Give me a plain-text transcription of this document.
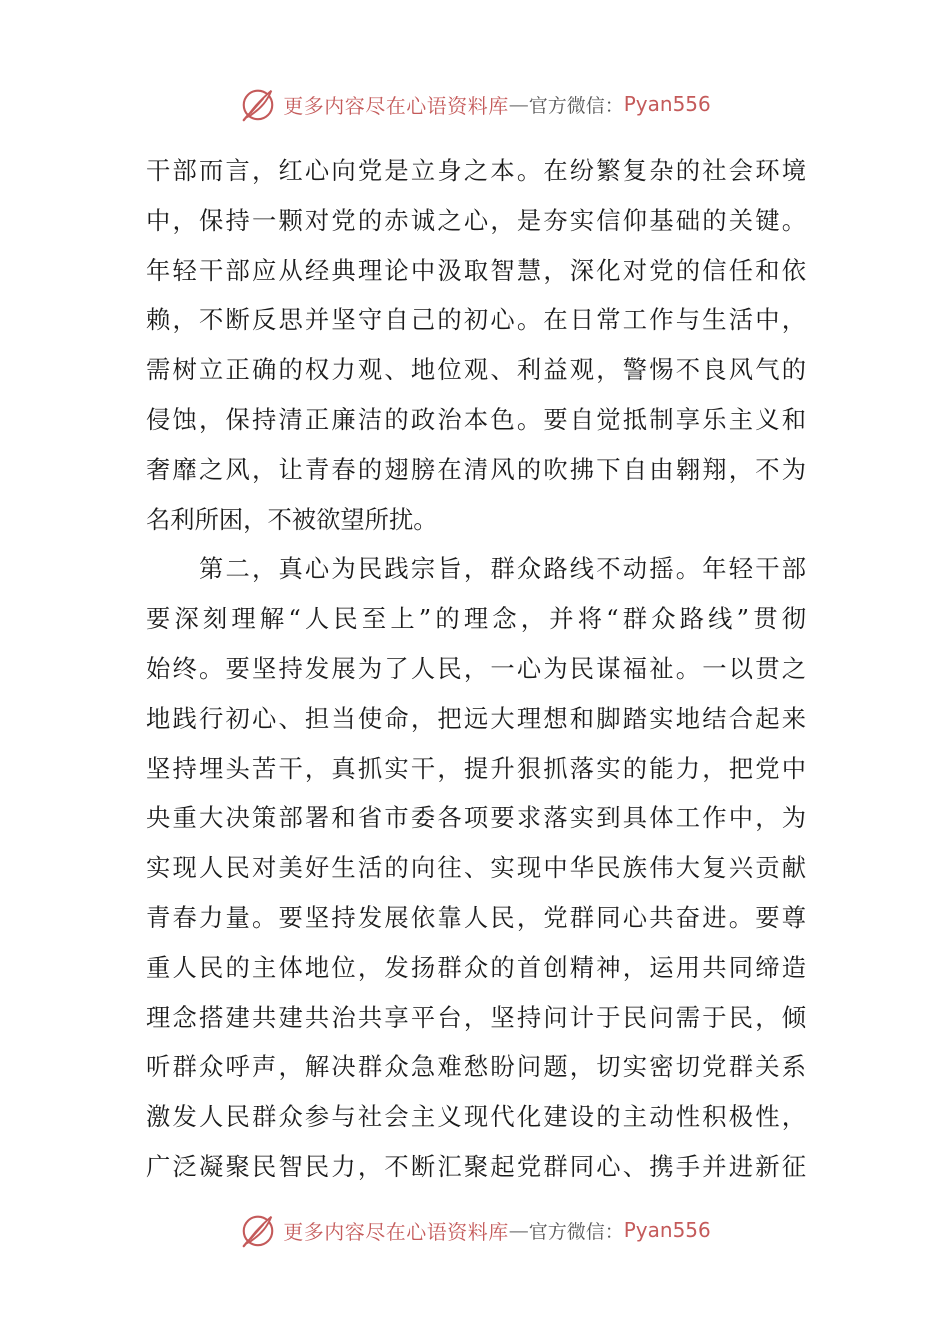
更多内容尽在心语资料库 — 官方微信： Pyan556
干部而言，红心向党是立身之本。在纷繁复杂的社会环境
中，保持一颗对党的赤诚之心，是夯实信仰基础的关键。
年轻干部应从经典理论中汲取智慧，深化对党的信任和依
赖，不断反思并坚守自己的初心。在日常工作与生活中，
需树立正确的权力观、地位观、利益观，警惕不良风气的
侵蚀，保持清正廉洁的政治本色。要自觉抵制享乐主义和
奢靡之风，让青春的翅膀在清风的吹拂下自由翱翔，不为
名利所困，不被欲望所扰。
　　第二，真心为民践宗旨，群众路线不动摇。年轻干部
要深刻理解“人民至上”的理念，并将“群众路线”贯彻
始终。要坚持发展为了人民，一心为民谋福祉。一以贯之
地践行初心、担当使命，把远大理想和脚踏实地结合起来
坚持埋头苦干，真抓实干，提升狠抓落实的能力，把党中
央重大决策部署和省市委各项要求落实到具体工作中，为
实现人民对美好生活的向往、实现中华民族伟大复兴贡献
青春力量。要坚持发展依靠人民，党群同心共奋进。要尊
重人民的主体地位，发扬群众的首创精神，运用共同缔造
理念搭建共建共治共享平台，坚持问计于民问需于民，倾
听群众呼声，解决群众急难愁盼问题，切实密切党群关系
激发人民群众参与社会主义现代化建设的主动性积极性，
广泛凝聚民智民力，不断汇聚起党群同心、携手并进新征
更多内容尽在心语资料库 — 官方微信： Pyan556
